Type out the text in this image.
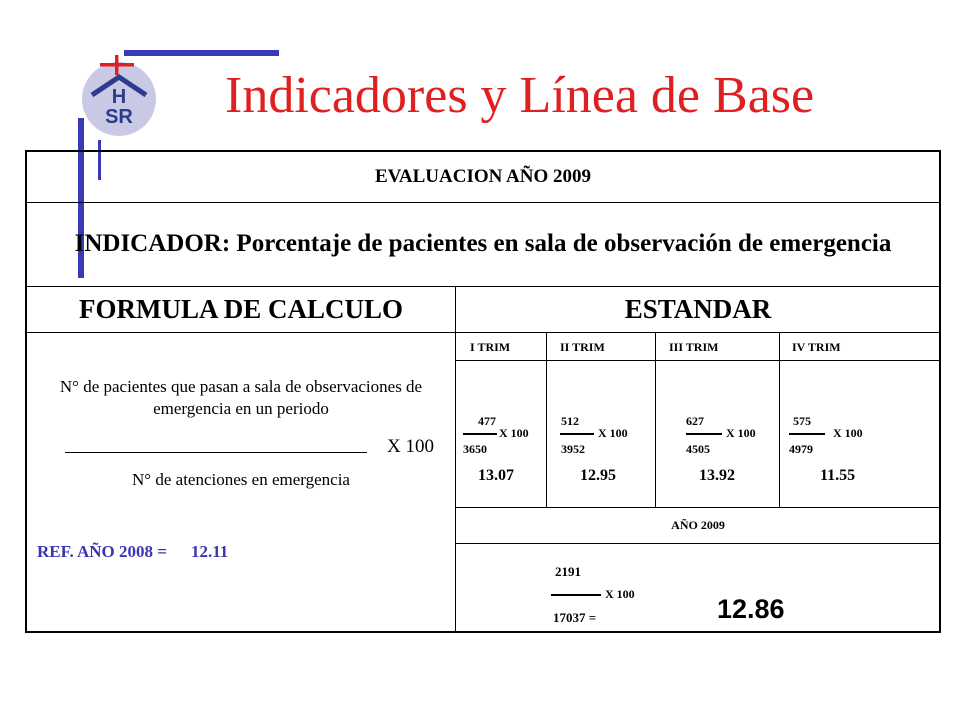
H
SR Indicadores y Línea de Base
EVALUACION AÑO 2009
INDICADOR: Porcentaje de pacientes en sala de observación de emergencia
FORMULA DE CALCULO	ESTANDAR
N° de pacientes que pasan a sala de observaciones de emergencia en un periodo
X 100
N° de atenciones en emergencia
REF. AÑO 2008 = 12.11
I TRIM
477
X 100
3650
13.07
II TRIM
512
X 100
3952
12.95
III TRIM
627
X 100
4505
13.92
IV TRIM
575
X 100
4979
11.55
AÑO 2009
2191
X 100
17037 =	12.86
